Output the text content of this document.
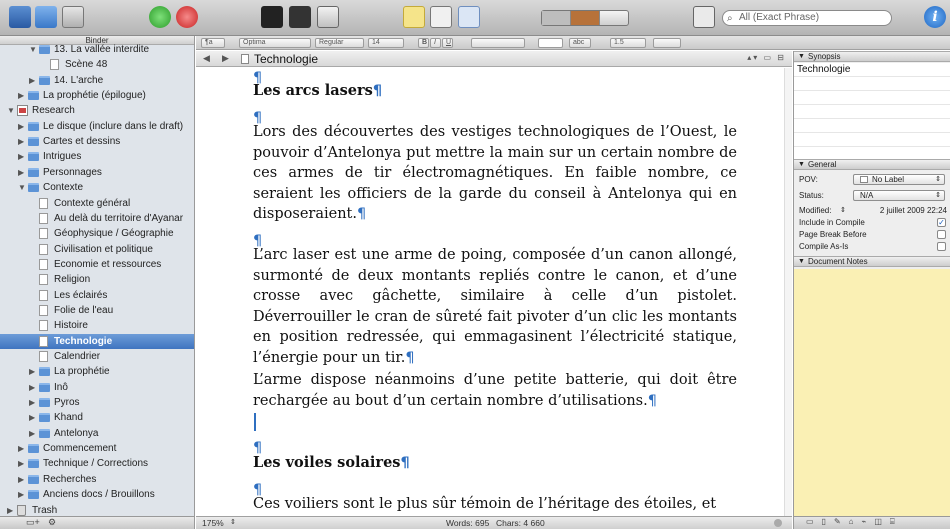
⌕ All (Exact Phrase)	i
Binder
▼ 13. La vallée interdite
Scène 48
▶ 14. L'arche
▶ La prophétie (épilogue)
▼ Research
▶ Le disque (inclure dans le draft)
▶ Cartes et dessins
▶ Intrigues
▶ Personnages
▼ Contexte
Contexte général
Au delà du territoire d'Ayanar
Géophysique / Géographie
Civilisation et politique
Economie et ressources
Religion
Les éclairés
Folie de l'eau
Histoire
Technologie
Calendrier
▶ La prophétie
▶ Inô
▶ Pyros
▶ Khand
▶ Antelonya
▶ Commencement
▶ Technique / Corrections
▶ Recherches
▶ Anciens docs / Brouillons
▶ Trash
▭+ ⚙
¶a	Optima	Regular	14	B I	U	abc	1.5
◀ ▶ Technologie	▴▾ ▭ ⊟
¶
Les arcs lasers¶
¶
Lors des découvertes des vestiges technologiques de l’Ouest, le pouvoir d’Antelonya put mettre la main sur un certain nombre de ces armes de tir électromagnétiques. En faible nombre, ce seraient les officiers de la garde du conseil à Antelonya qui en disposeraient.¶
¶
L’arc laser est une arme de poing, composée d’un canon allongé, surmonté de deux montants repliés contre le canon, et d’une crosse avec gâchette, similaire à celle d’un pistolet. Déverrouiller le cran de sûreté fait pivoter d’un clic les montants en position redressée, qui emmagasinent l’électricité statique, l’énergie pour un tir.¶
L’arme dispose néanmoins d’une petite batterie, qui doit être rechargée au bout d’un certain nombre d’utilisations.¶
¶
Les voiles solaires¶
¶
Ces voiliers sont le plus sûr témoin de l’héritage des étoiles, et
175% ⇕	Words: 695 Chars: 4 660
▼ Synopsis
Technologie
▼ General
POV:	No Label	⇕
Status:	N/A	⇕
Modified: ⇕	2 juillet 2009 22:24
Include in Compile	✓
Page Break Before
Compile As-Is
▼ Document Notes
▭▯✎⌂⌁◫⌸
